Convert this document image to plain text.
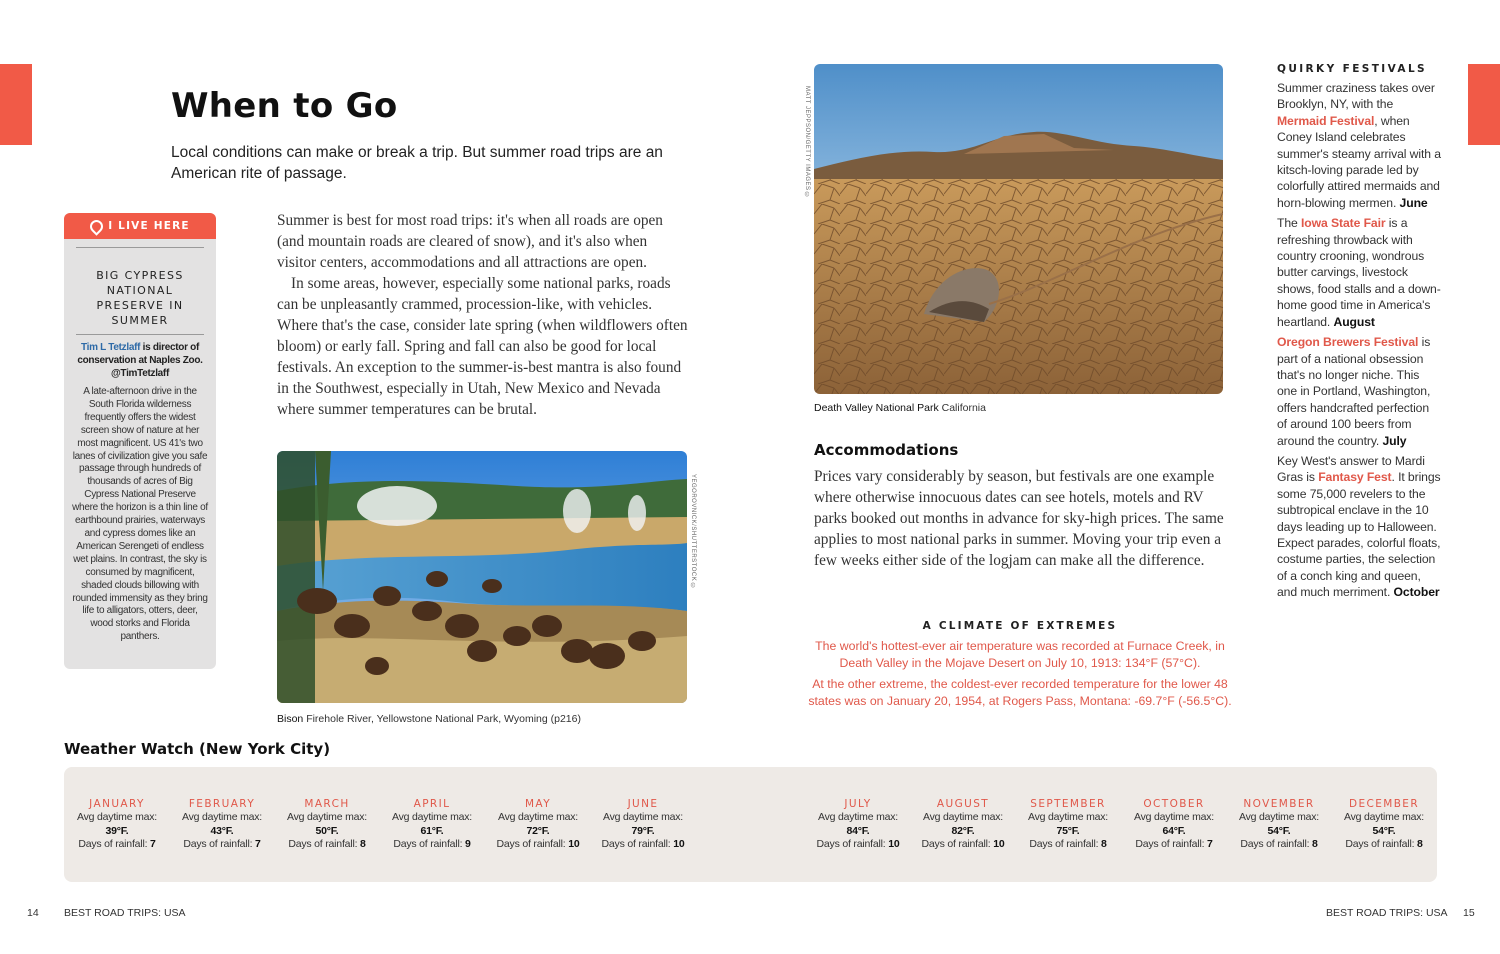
When to Go

Local conditions can make or break a trip. But summer road trips are an American rite of passage.

I LIVE HERE
BIG CYPRESS
NATIONAL
PRESERVE IN
SUMMER

Tim L Tetzlaff is director of conservation at Naples Zoo. @TimTetzlaff

A late-afternoon drive in the South Florida wilderness frequently offers the widest screen show of nature at her most magnificent. US 41's two lanes of civilization give you safe passage through hundreds of thousands of acres of Big Cypress National Preserve where the horizon is a thin line of earthbound prairies, waterways and cypress domes like an American Serengeti of endless wet plains. In contrast, the sky is consumed by magnificent, shaded clouds billowing with rounded immensity as they bring life to alligators, otters, deer, wood storks and Florida panthers.

Summer is best for most road trips: it's when all roads are open (and mountain roads are cleared of snow), and it's also when visitor centers, accommodations and all attractions are open.

In some areas, however, especially some national parks, roads can be unpleasantly crammed, procession-like, with vehicles. Where that's the case, consider late spring (when wildflowers often bloom) or early fall. Spring and fall can also be good for local festivals. An exception to the summer-is-best mantra is also found in the Southwest, especially in Utah, New Mexico and Nevada where summer temperatures can be brutal.

YEGOROVNICK/SHUTTERSTOCK ©

Bison Firehole River, Yellowstone National Park, Wyoming (p216)

MATT JEPPSON/GETTY IMAGES ©

Death Valley National Park California

Accommodations

Prices vary considerably by season, but festivals are one example where otherwise innocuous dates can see hotels, motels and RV parks booked out months in advance for sky-high prices. The same applies to most national parks in summer. Moving your trip even a few weeks either side of the logjam can make all the difference.

A CLIMATE OF EXTREMES

The world's hottest-ever air temperature was recorded at Furnace Creek, in Death Valley in the Mojave Desert on July 10, 1913: 134°F (57°C).

At the other extreme, the coldest-ever recorded temperature for the lower 48 states was on January 20, 1954, at Rogers Pass, Montana: -69.7°F (-56.5°C).

QUIRKY FESTIVALS

Summer craziness takes over Brooklyn, NY, with the Mermaid Festival, when Coney Island celebrates summer's steamy arrival with a kitsch-loving parade led by colorfully attired mermaids and horn-blowing mermen. June

The Iowa State Fair is a refreshing throwback with country crooning, wondrous butter carvings, livestock shows, food stalls and a down-home good time in America's heartland. August

Oregon Brewers Festival is part of a national obsession that's no longer niche. This one in Portland, Washington, offers handcrafted perfection of around 100 beers from around the country. July

Key West's answer to Mardi Gras is Fantasy Fest. It brings some 75,000 revelers to the subtropical enclave in the 10 days leading up to Halloween. Expect parades, colorful floats, costume parties, the selection of a conch king and queen, and much merriment. October

Weather Watch (New York City)
JANUARY
Avg daytime max:
39°F.
Days of rainfall: 7
FEBRUARY
Avg daytime max:
43°F.
Days of rainfall: 7
MARCH
Avg daytime max:
50°F.
Days of rainfall: 8
APRIL
Avg daytime max:
61°F.
Days of rainfall: 9
MAY
Avg daytime max:
72°F.
Days of rainfall: 10
JUNE
Avg daytime max:
79°F.
Days of rainfall: 10
JULY
Avg daytime max:
84°F.
Days of rainfall: 10
AUGUST
Avg daytime max:
82°F.
Days of rainfall: 10
SEPTEMBER
Avg daytime max:
75°F.
Days of rainfall: 8
OCTOBER
Avg daytime max:
64°F.
Days of rainfall: 7
NOVEMBER
Avg daytime max:
54°F.
Days of rainfall: 8
DECEMBER
Avg daytime max:
54°F.
Days of rainfall: 8
14 BEST ROAD TRIPS: USA	BEST ROAD TRIPS: USA 15
